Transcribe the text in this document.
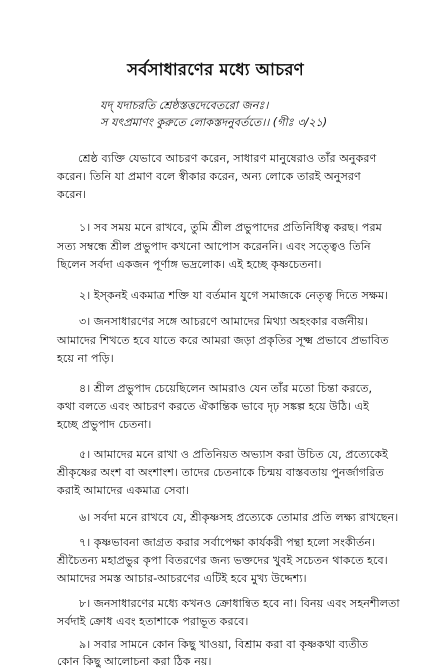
সর্বসাধারণের মধ্যে আচরণ
যদ্ যদাচরতি শ্রেষ্ঠস্তত্তদেবেতরো জনঃ।
স যৎপ্রমাণং কুরুতে লোকস্তদনুবর্ততে।। (গীঃ ৩/২১)
শ্রেষ্ঠ ব্যক্তি যেভাবে আচরণ করেন, সাধারণ মানুষেরাও তাঁর অনুকরণ
করেন। তিনি যা প্রমাণ বলে স্বীকার করেন, অন্য লোকে তারই অনুসরণ
করেন।
১। সব সময় মনে রাখবে, তুমি শ্রীল প্রভুপাদের প্রতিনিধিত্ব করছ। পরম
সত্য সম্বন্ধে শ্রীল প্রভুপাদ কখনো আপোস করেননি। এবং সত্ত্বেও তিনি
ছিলেন সর্বদা একজন পূর্ণাঙ্গ ভদ্রলোক। এই হচ্ছে কৃষ্ণচেতনা।
২। ইস্‌কনই একমাত্র শক্তি যা বর্তমান যুগে সমাজকে নেতৃত্ব দিতে সক্ষম।
৩। জনসাধারণের সঙ্গে আচরণে আমাদের মিথ্যা অহংকার বর্জনীয়।
আমাদের শিখতে হবে যাতে করে আমরা জড়া প্রকৃতির সূক্ষ্ম প্রভাবে প্রভাবিত
হয়ে না পড়ি।
৪। শ্রীল প্রভুপাদ চেয়েছিলেন আমরাও যেন তাঁর মতো চিন্তা করতে,
কথা বলতে এবং আচরণ করতে ঐকান্তিক ভাবে দৃঢ় সঙ্কল্প হয়ে উঠি। এই
হচ্ছে প্রভুপাদ চেতনা।
৫। আমাদের মনে রাখা ও প্রতিনিয়ত অভ্যাস করা উচিত যে, প্রত্যেকেই
শ্রীকৃষ্ণের অংশ বা অংশাংশ। তাদের চেতনাকে চিন্ময় বাস্তবতায় পুনর্জাগরিত
করাই আমাদের একমাত্র সেবা।
৬। সর্বদা মনে রাখবে যে, শ্রীকৃষ্ণসহ প্রত্যেকে তোমার প্রতি লক্ষ্য রাখছেন।
৭। কৃষ্ণভাবনা জাগ্রত করার সর্বাপেক্ষা কার্যকরী পন্থা হলো সংকীর্তন।
শ্রীচৈতন্য মহাপ্রভুর কৃপা বিতরণের জন্য ভক্তদের খুবই সচেতন থাকতে হবে।
আমাদের সমস্ত আচার-আচরণের এটিই হবে মুখ্য উদ্দেশ্য।
৮। জনসাধারণের মধ্যে কখনও ক্রোধান্বিত হবে না। বিনয় এবং সহনশীলতা
সর্বদাই ক্রোধ এবং হতাশাকে পরাভূত করবে।
৯। সবার সামনে কোন কিছু খাওয়া, বিশ্রাম করা বা কৃষ্ণকথা ব্যতীত
কোন কিছু আলোচনা করা ঠিক নয়।
